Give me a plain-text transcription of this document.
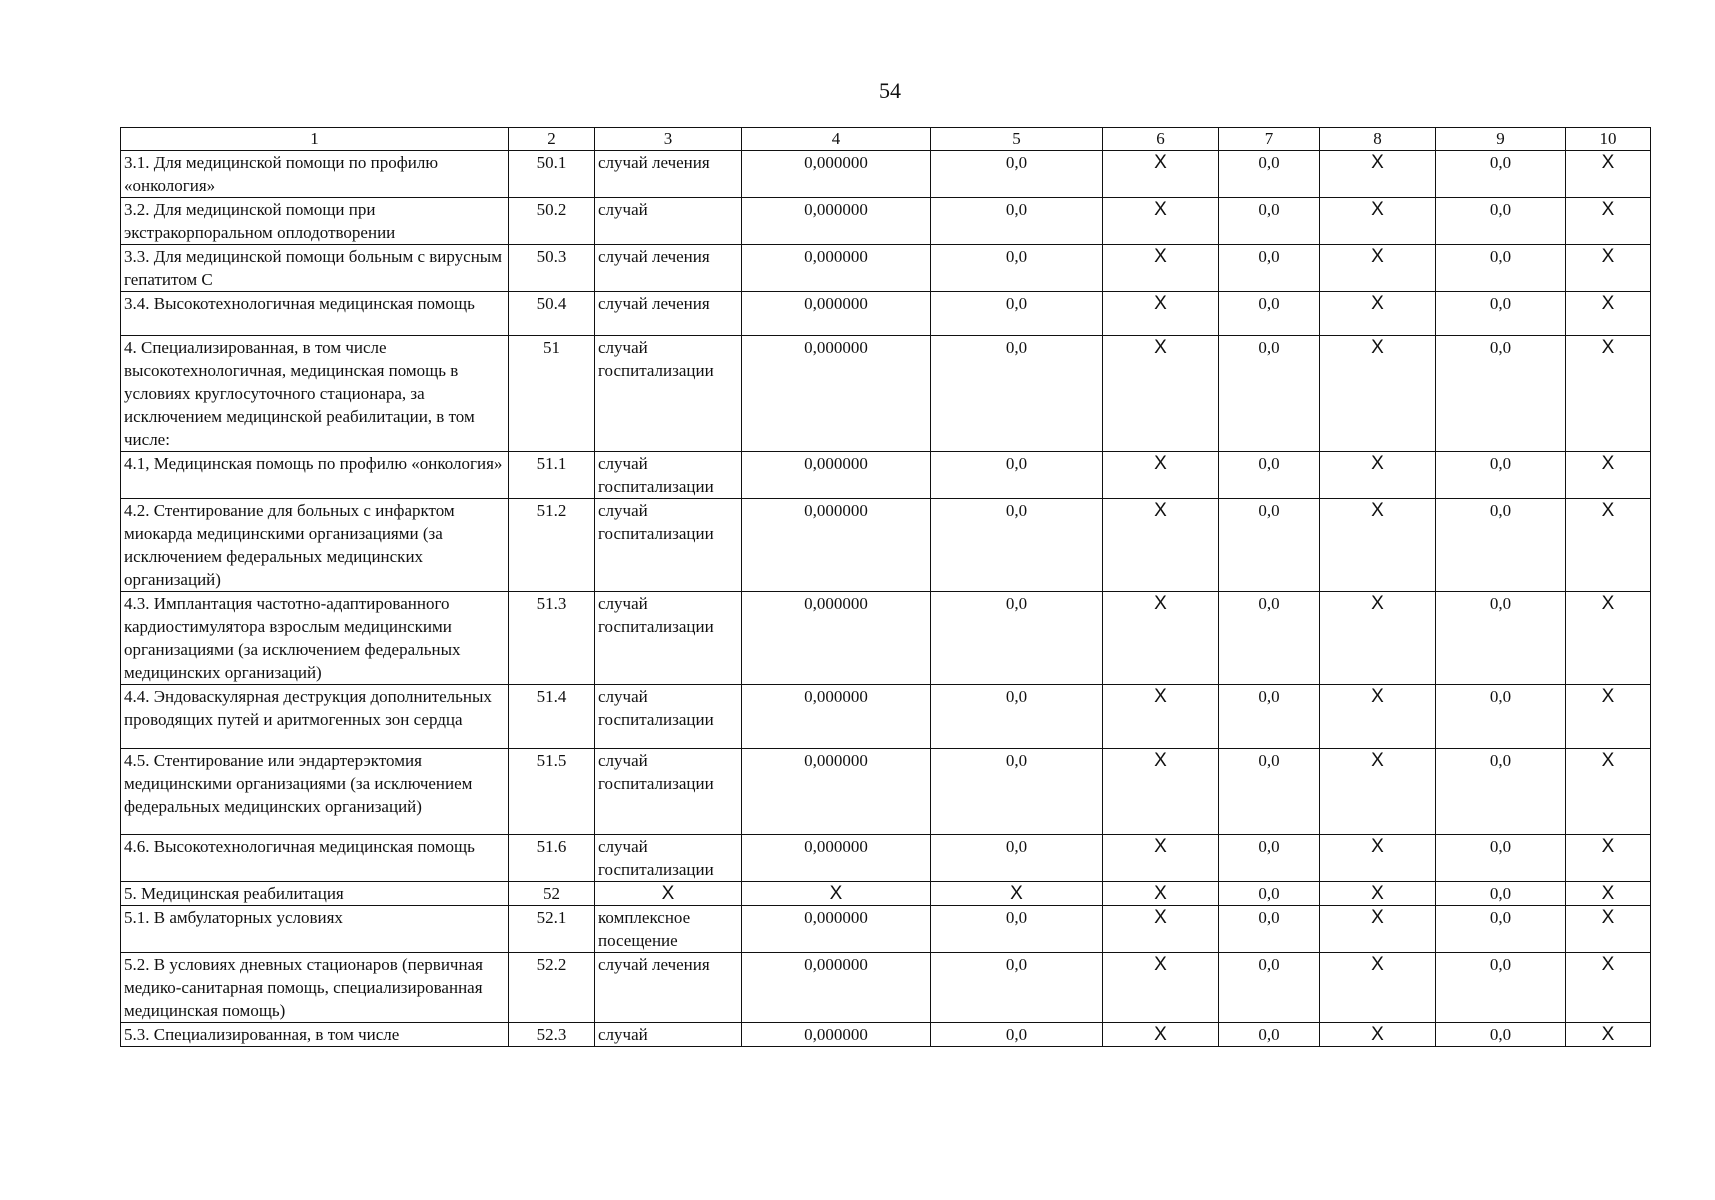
54
1	2	3	4	5	6	7	8	9	10
3.1. Для медицинской помощи по профилю «онкология»	50.1	случай лечения	0,000000	0,0	Х	0,0	Х	0,0	Х
3.2. Для медицинской помощи при экстракорпоральном оплодотворении	50.2	случай	0,000000	0,0	Х	0,0	Х	0,0	Х
3.3. Для медицинской помощи больным с вирусным гепатитом С	50.3	случай лечения	0,000000	0,0	Х	0,0	Х	0,0	Х
3.4. Высокотехнологичная медицинская помощь	50.4	случай лечения	0,000000	0,0	Х	0,0	Х	0,0	Х
4. Специализированная, в том числе высокотехнологичная, медицинская помощь в условиях круглосуточного стационара, за исключением медицинской реабилитации, в том числе:	51	случай госпитализации	0,000000	0,0	Х	0,0	Х	0,0	Х
4.1, Медицинская помощь по профилю «онкология»	51.1	случай госпитализации	0,000000	0,0	Х	0,0	Х	0,0	Х
4.2. Стентирование для больных с инфарктом миокарда медицинскими организациями (за исключением федеральных медицинских организаций)	51.2	случай госпитализации	0,000000	0,0	Х	0,0	Х	0,0	Х
4.3. Имплантация частотно-адаптированного кардиостимулятора взрослым медицинскими организациями (за исключением федеральных медицинских организаций)	51.3	случай госпитализации	0,000000	0,0	Х	0,0	Х	0,0	Х
4.4. Эндоваскулярная деструкция дополнительных проводящих путей и аритмогенных зон сердца	51.4	случай госпитализации	0,000000	0,0	Х	0,0	Х	0,0	Х
4.5. Стентирование или эндартерэктомия медицинскими организациями (за исключением федеральных медицинских организаций)	51.5	случай госпитализации	0,000000	0,0	Х	0,0	Х	0,0	Х
4.6. Высокотехнологичная медицинская помощь	51.6	случай госпитализации	0,000000	0,0	Х	0,0	Х	0,0	Х
5. Медицинская реабилитация	52	Х	Х	Х	Х	0,0	Х	0,0	Х
5.1. В амбулаторных условиях	52.1	комплексное посещение	0,000000	0,0	Х	0,0	Х	0,0	Х
5.2. В условиях дневных стационаров (первичная медико-санитарная помощь, специализированная медицинская помощь)	52.2	случай лечения	0,000000	0,0	Х	0,0	Х	0,0	Х
5.3. Специализированная, в том числе	52.3	случай	0,000000	0,0	Х	0,0	Х	0,0	Х
